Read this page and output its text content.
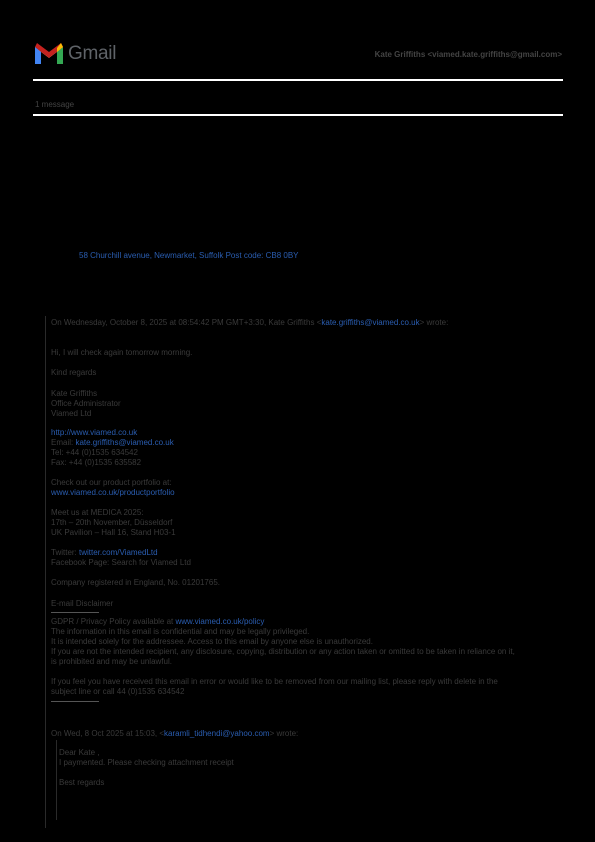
Gmail	Kate Griffiths <viamed.kate.griffiths@gmail.com>
1 message
58 Churchill avenue, Newmarket, Suffolk Post code: CB8 0BY
On Wednesday, October 8, 2025 at 08:54:42 PM GMT+3:30, Kate Griffiths <kate.griffiths@viamed.co.uk> wrote:
Hi, I will check again tomorrow morning.
Kind regards
Kate Griffiths
Office Administrator
Viamed Ltd
http://www.viamed.co.uk
Email: kate.griffiths@viamed.co.uk
Tel: +44 (0)1535 634542
Fax: +44 (0)1535 635582
Check out our product portfolio at:
www.viamed.co.uk/productportfolio
Meet us at MEDICA 2025:
17th – 20th November, Düsseldorf
UK Pavilion – Hall 16, Stand H03-1
Twitter: twitter.com/ViamedLtd
Facebook Page: Search for Viamed Ltd
Company registered in England, No. 01201765.
E-mail Disclaimer
GDPR / Privacy Policy available at www.viamed.co.uk/policy
The information in this email is confidential and may be legally privileged.
It is intended solely for the addressee. Access to this email by anyone else is unauthorized.
If you are not the intended recipient, any disclosure, copying, distribution or any action taken or omitted to be taken in reliance on it,
is prohibited and may be unlawful.
If you feel you have received this email in error or would like to be removed from our mailing list, please reply with delete in the
subject line or call 44 (0)1535 634542
On Wed, 8 Oct 2025 at 15:03, <karamli_tidhendi@yahoo.com> wrote:
Dear Kate ,
I paymented. Please checking attachment receipt
Best regards
